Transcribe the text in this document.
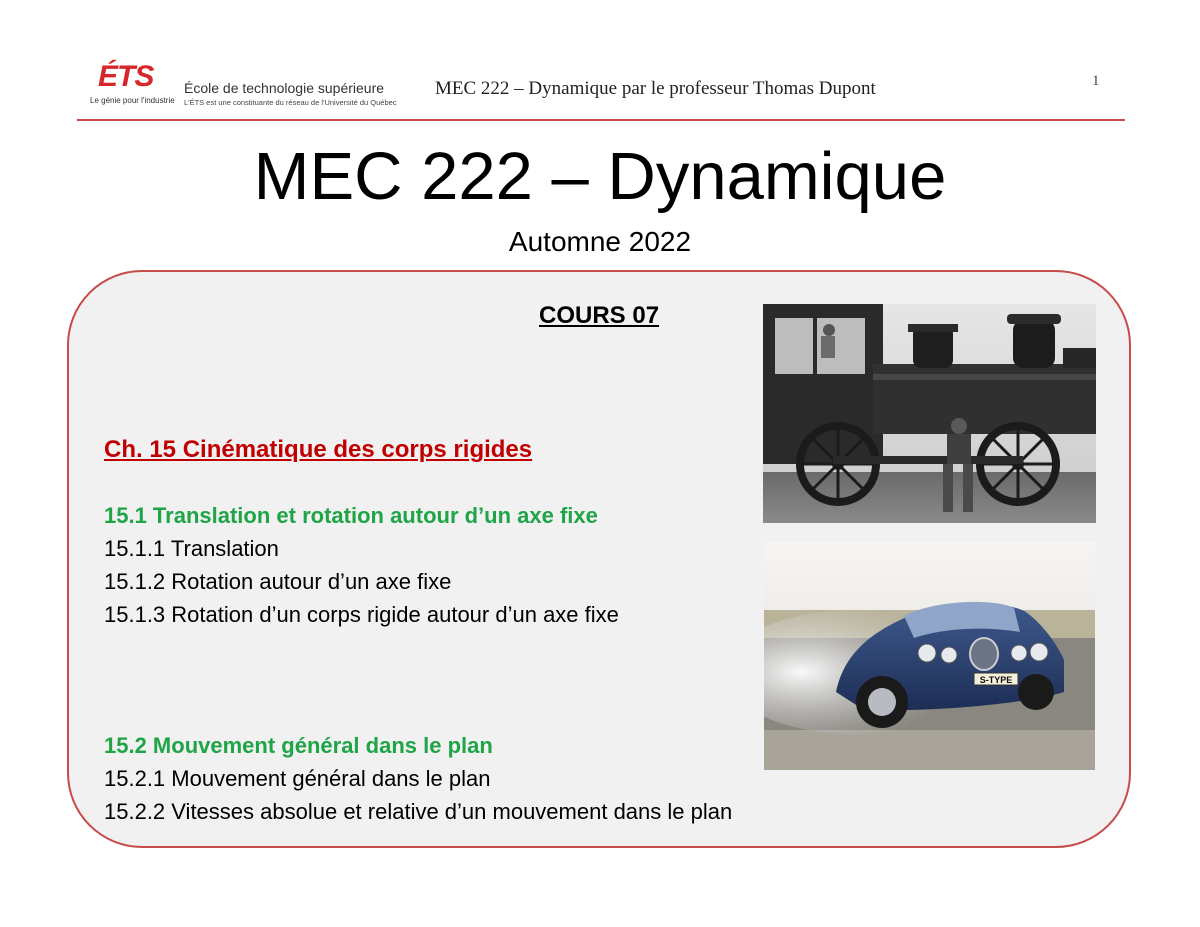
ÉTS
Le génie pour l'industrie
École de technologie supérieure
L'ÉTS est une constituante du réseau de l'Université du Québec
MEC 222 – Dynamique par le professeur Thomas Dupont	1
MEC 222 – Dynamique
Automne 2022
COURS 07
Ch. 15 Cinématique des corps rigides
15.1 Translation et rotation autour d’un axe fixe
15.1.1 Translation
15.1.2 Rotation autour d’un axe fixe
15.1.3 Rotation d’un corps rigide autour d’un axe fixe
15.2 Mouvement général dans le plan
15.2.1 Mouvement général dans le plan
15.2.2 Vitesses absolue et relative d’un mouvement dans le plan
S-TYPE
